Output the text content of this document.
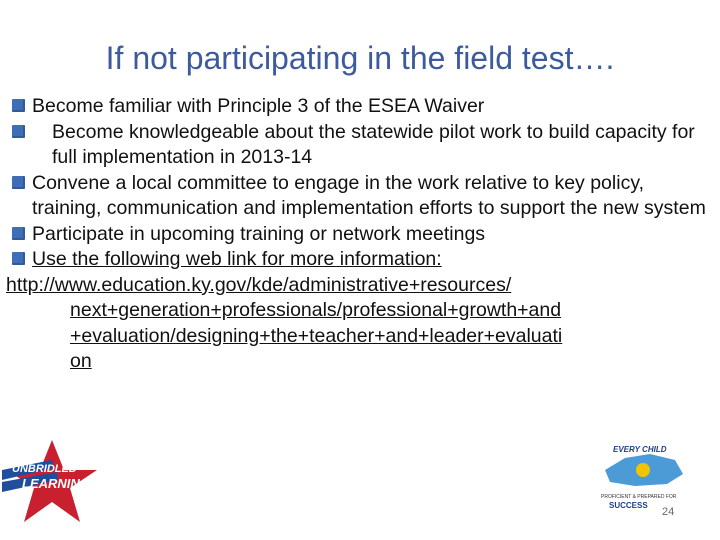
If not participating in the field test….
Become familiar with Principle 3 of the ESEA Waiver
Become knowledgeable about the statewide pilot work to build capacity for full implementation in 2013-14
Convene a local committee to engage in the work relative to key policy, training, communication and implementation efforts to support the new system
Participate in upcoming training or network meetings
Use the following web link for more information:
http://www.education.ky.gov/kde/administrative+resources/
next+generation+professionals/professional+growth+and
+evaluation/designing+the+teacher+and+leader+evaluati
on
UNBRIDLED
LEARNING
EVERY CHILD
PROFICIENT & PREPARED FOR
SUCCESS
24
